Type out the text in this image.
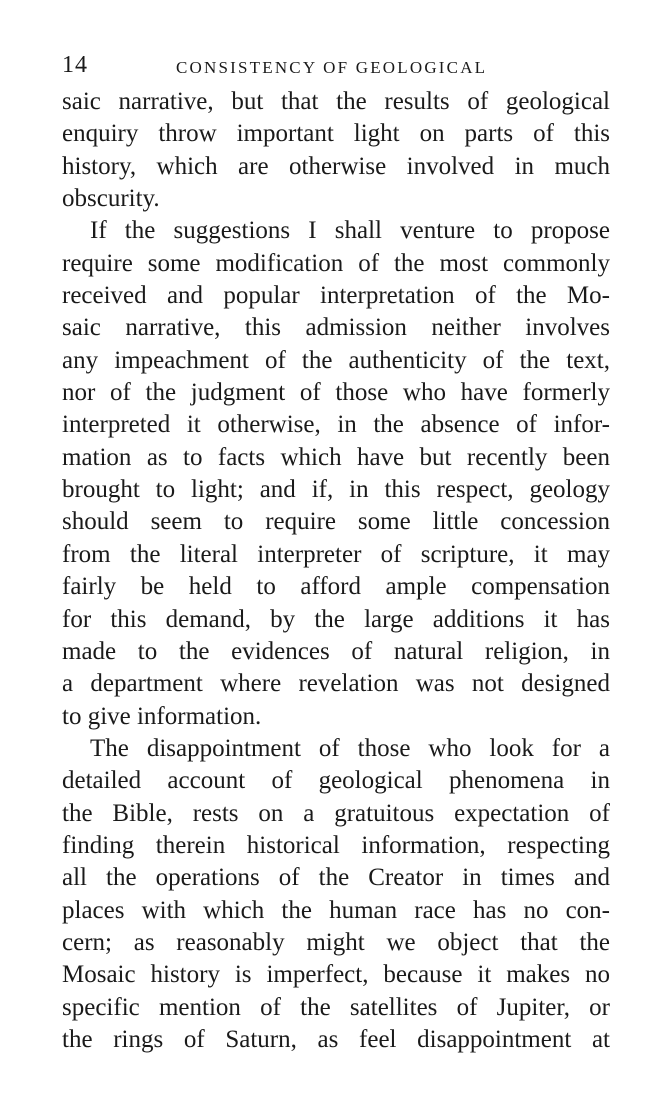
14	CONSISTENCY OF GEOLOGICAL
saic narrative, but that the results of geological
enquiry throw important light on parts of this
history, which are otherwise involved in much
obscurity.
If the suggestions I shall venture to propose
require some modification of the most commonly
received and popular interpretation of the Mo-
saic narrative, this admission neither involves
any impeachment of the authenticity of the text,
nor of the judgment of those who have formerly
interpreted it otherwise, in the absence of infor-
mation as to facts which have but recently been
brought to light; and if, in this respect, geology
should seem to require some little concession
from the literal interpreter of scripture, it may
fairly be held to afford ample compensation
for this demand, by the large additions it has
made to the evidences of natural religion, in
a department where revelation was not designed
to give information.
The disappointment of those who look for a
detailed account of geological phenomena in
the Bible, rests on a gratuitous expectation of
finding therein historical information, respecting
all the operations of the Creator in times and
places with which the human race has no con-
cern; as reasonably might we object that the
Mosaic history is imperfect, because it makes no
specific mention of the satellites of Jupiter, or
the rings of Saturn, as feel disappointment at
